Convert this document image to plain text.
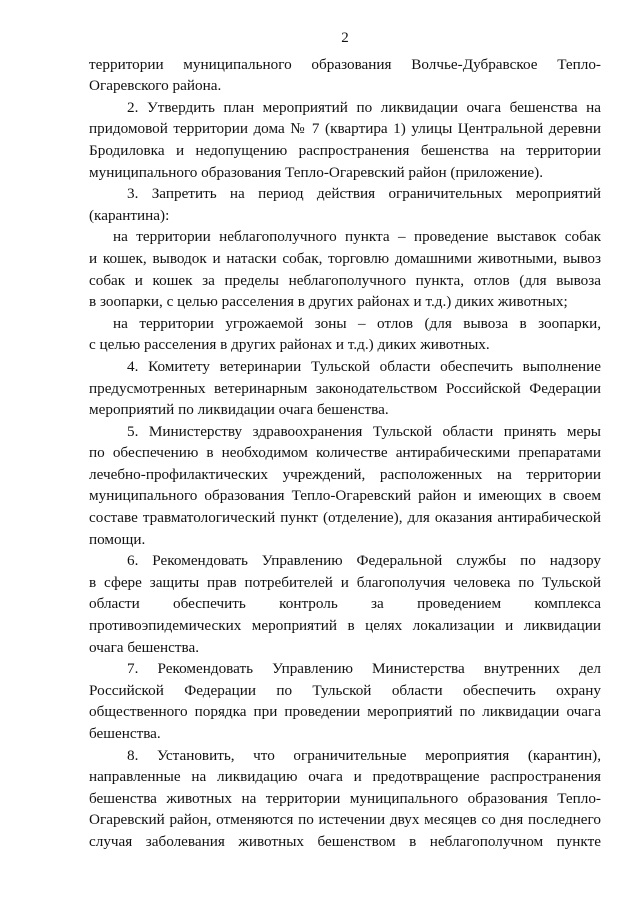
2
территории муниципального образования Волчье-Дубравское Тепло-
Огаревского района.
2. Утвердить план мероприятий по ликвидации очага бешенства на
придомовой территории дома № 7 (квартира 1) улицы Центральной деревни
Бродиловка и недопущению распространения бешенства на территории
муниципального образования Тепло-Огаревский район (приложение).
3. Запретить на период действия ограничительных мероприятий
(карантина):
на территории неблагополучного пункта – проведение выставок собак
и кошек, выводок и натаски собак, торговлю домашними животными, вывоз
собак и кошек за пределы неблагополучного пункта, отлов (для вывоза
в зоопарки, с целью расселения в других районах и т.д.) диких животных;
на территории угрожаемой зоны – отлов (для вывоза в зоопарки,
с целью расселения в других районах и т.д.) диких животных.
4. Комитету ветеринарии Тульской области обеспечить выполнение
предусмотренных ветеринарным законодательством Российской Федерации
мероприятий по ликвидации очага бешенства.
5. Министерству здравоохранения Тульской области принять меры
по обеспечению в необходимом количестве антирабическими препаратами
лечебно-профилактических учреждений, расположенных на территории
муниципального образования Тепло-Огаревский район и имеющих в своем
составе травматологический пункт (отделение), для оказания антирабической
помощи.
6. Рекомендовать Управлению Федеральной службы по надзору
в сфере защиты прав потребителей и благополучия человека по Тульской
области обеспечить контроль за проведением комплекса
противоэпидемических мероприятий в целях локализации и ликвидации
очага бешенства.
7. Рекомендовать Управлению Министерства внутренних дел
Российской Федерации по Тульской области обеспечить охрану
общественного порядка при проведении мероприятий по ликвидации очага
бешенства.
8. Установить, что ограничительные мероприятия (карантин),
направленные на ликвидацию очага и предотвращение распространения
бешенства животных на территории муниципального образования Тепло-
Огаревский район, отменяются по истечении двух месяцев со дня последнего
случая заболевания животных бешенством в неблагополучном пункте
